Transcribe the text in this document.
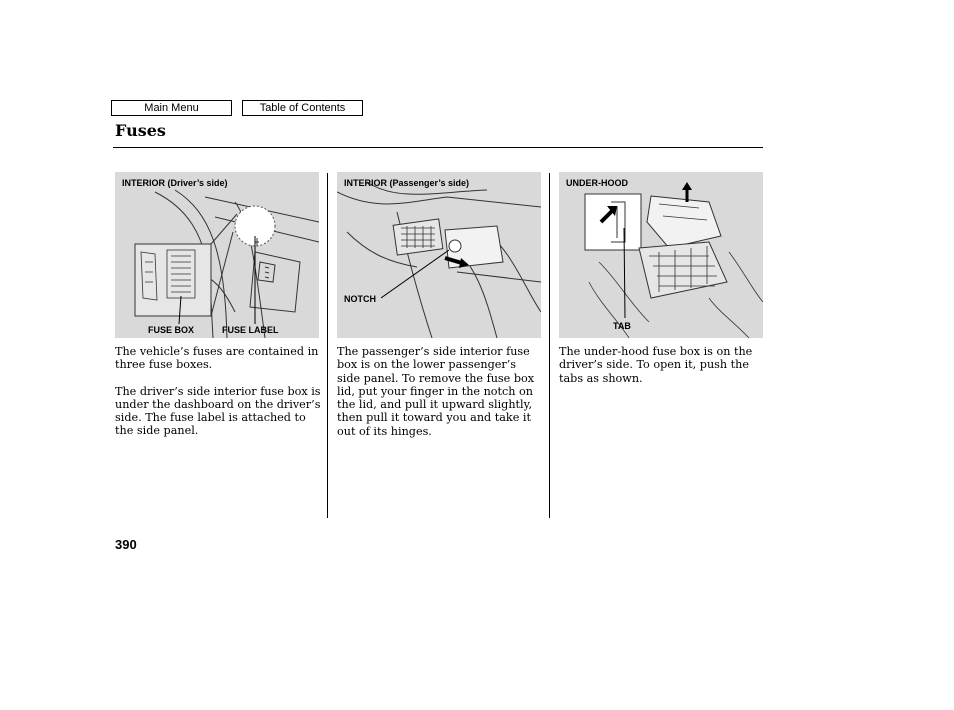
Main Menu	Table of Contents
Fuses
INTERIOR (Driver’s side)
FUSE BOX	FUSE LABEL
INTERIOR (Passenger’s side)
NOTCH
UNDER-HOOD
TAB

The vehicle’s fuses are contained in three fuse boxes.

The driver’s side interior fuse box is under the dashboard on the driver’s side. The fuse label is attached to the side panel.

The passenger’s side interior fuse box is on the lower passenger’s side panel. To remove the fuse box lid, put your finger in the notch on the lid, and pull it upward slightly, then pull it toward you and take it out of its hinges.

The under-hood fuse box is on the driver’s side. To open it, push the tabs as shown.

390
